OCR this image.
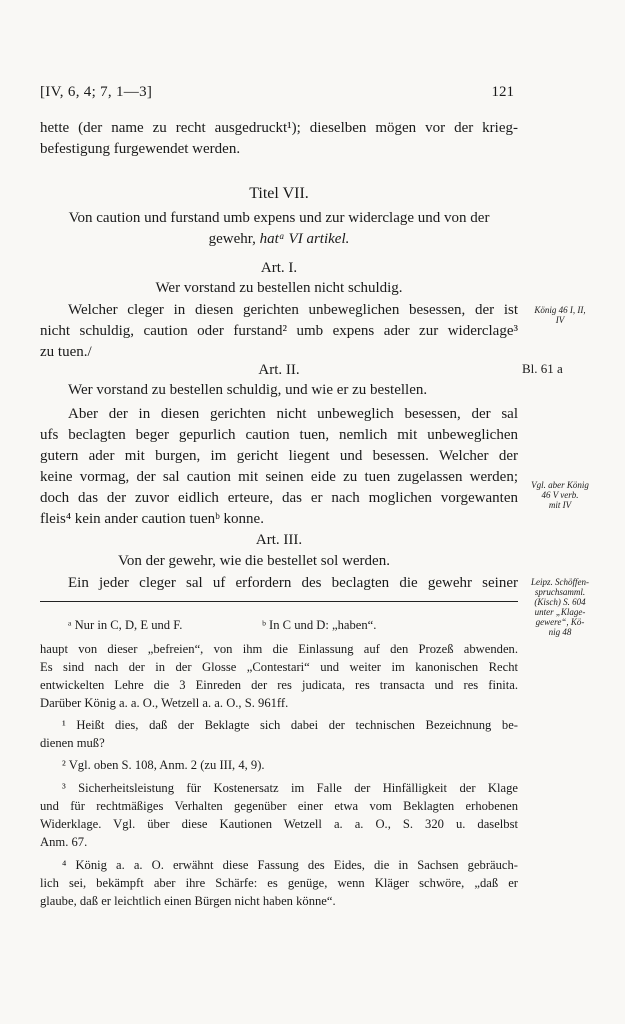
[IV, 6, 4; 7, 1—3]	121
hette (der name zu recht ausgedruckt¹); dieselben mögen vor der krieg-
befestigung furgewendet werden.
Titel VII.
Von caution und furstand umb expens und zur widerclage und von der
gewehr, hatᵃ VI artikel.
Art. I.
Wer vorstand zu bestellen nicht schuldig.
Welcher cleger in diesen gerichten unbeweglichen besessen, der ist
nicht schuldig, caution oder furstand² umb expens ader zur widerclage³
zu tuen./
König 46 I, II,
IV
Art. II.	Bl. 61 a
Wer vorstand zu bestellen schuldig, und wie er zu bestellen.
Aber der in diesen gerichten nicht unbeweglich besessen, der sal
ufs beclagten beger gepurlich caution tuen, nemlich mit unbeweglichen
gutern ader mit burgen, im gericht liegent und besessen. Welcher der
keine vormag, der sal caution mit seinen eide zu tuen zugelassen werden;
doch das der zuvor eidlich erteure, das er nach moglichen vorgewanten
fleis⁴ kein ander caution tuenᵇ konne.
Vgl. aber König
46 V verb.
mit IV
Art. III.
Von der gewehr, wie die bestellet sol werden.
Ein jeder cleger sal uf erfordern des beclagten die gewehr seiner	Leipz. Schöffen-
spruchsamml.
(Kisch) S. 604
unter „Klage-
gewere“, Kö-
nig 48
ᵃ Nur in C, D, E und F.	ᵇ In C und D: „haben“.
haupt von dieser „befreien“, von ihm die Einlassung auf den Prozeß abwenden.
Es sind nach der in der Glosse „Contestari“ und weiter im kanonischen Recht
entwickelten Lehre die 3 Einreden der res judicata, res transacta und res finita.
Darüber König a. a. O., Wetzell a. a. O., S. 961ff.
¹ Heißt dies, daß der Beklagte sich dabei der technischen Bezeichnung be-
dienen muß?
² Vgl. oben S. 108, Anm. 2 (zu III, 4, 9).
³ Sicherheitsleistung für Kostenersatz im Falle der Hinfälligkeit der Klage
und für rechtmäßiges Verhalten gegenüber einer etwa vom Beklagten erhobenen
Widerklage. Vgl. über diese Kautionen Wetzell a. a. O., S. 320 u. daselbst
Anm. 67.
⁴ König a. a. O. erwähnt diese Fassung des Eides, die in Sachsen gebräuch-
lich sei, bekämpft aber ihre Schärfe: es genüge, wenn Kläger schwöre, „daß er
glaube, daß er leichtlich einen Bürgen nicht haben könne“.
